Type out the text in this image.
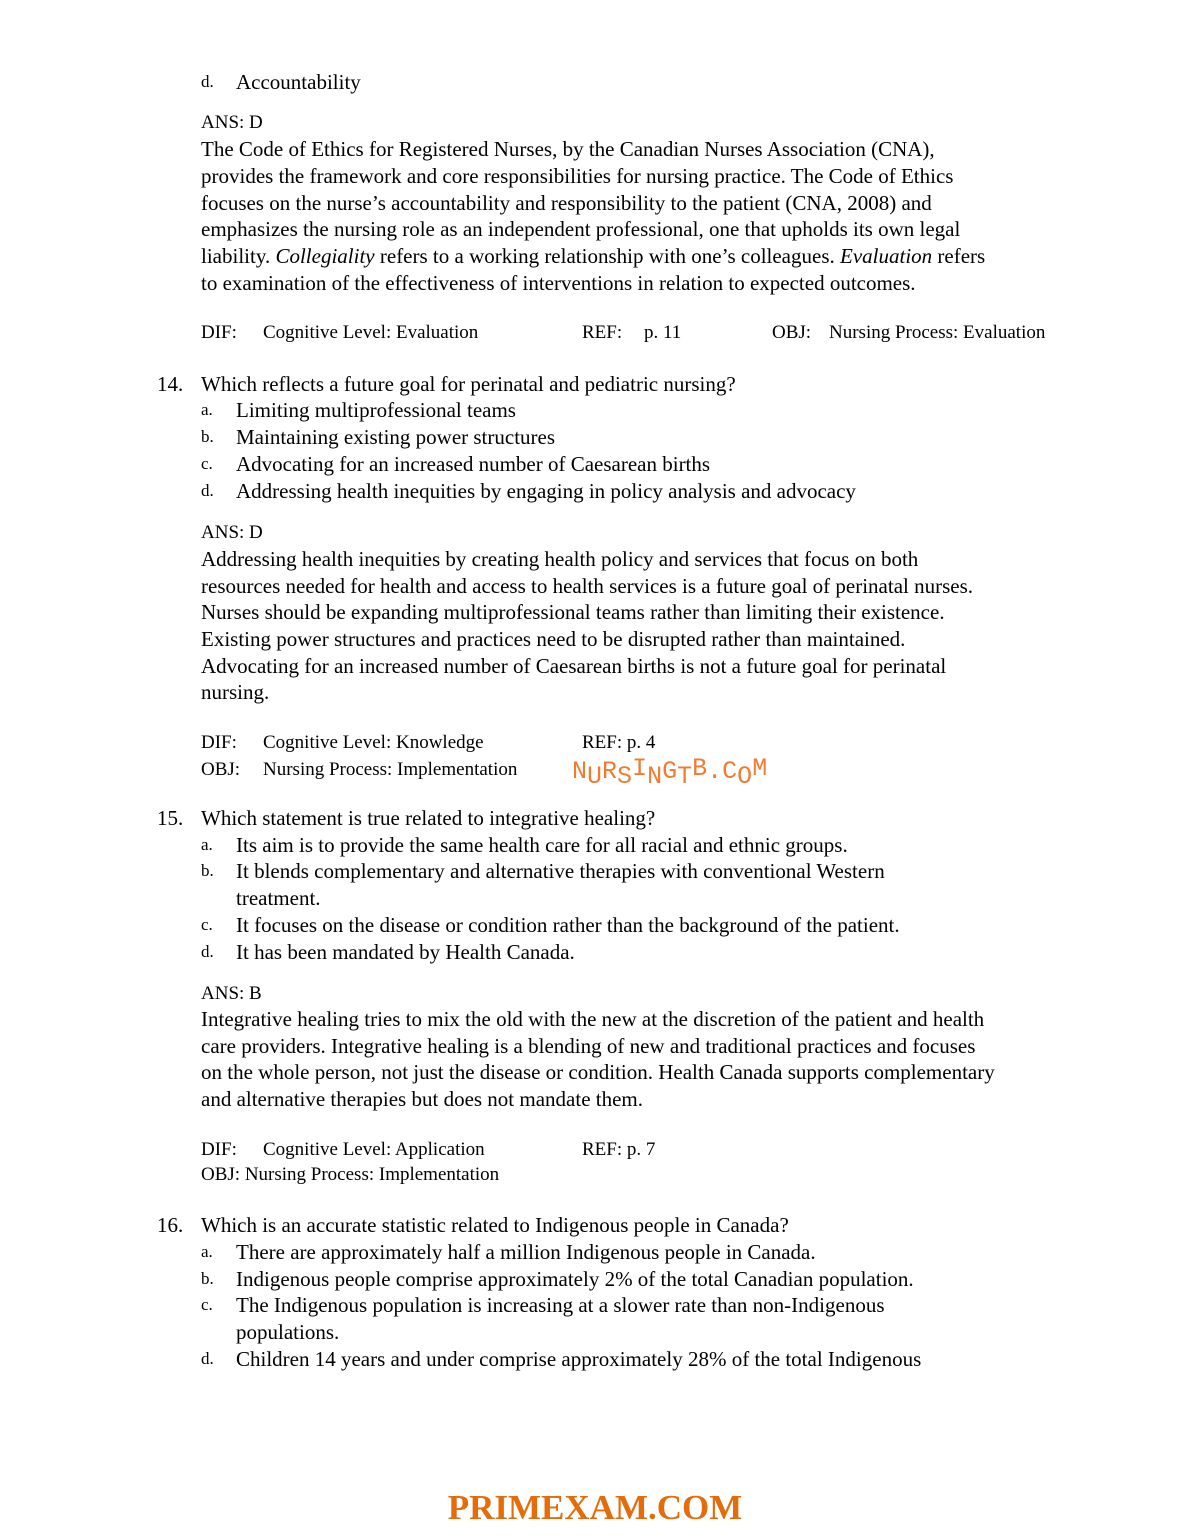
d. Accountability
ANS: D
The Code of Ethics for Registered Nurses, by the Canadian Nurses Association (CNA),
provides the framework and core responsibilities for nursing practice. The Code of Ethics
focuses on the nurse’s accountability and responsibility to the patient (CNA, 2008) and
emphasizes the nursing role as an independent professional, one that upholds its own legal
liability. Collegiality refers to a working relationship with one’s colleagues. Evaluation refers
to examination of the effectiveness of interventions in relation to expected outcomes.
DIF: Cognitive Level: Evaluation	REF: p. 11	OBJ: Nursing Process: Evaluation
14. Which reflects a future goal for perinatal and pediatric nursing?
a. Limiting multiprofessional teams
b. Maintaining existing power structures
c. Advocating for an increased number of Caesarean births
d. Addressing health inequities by engaging in policy analysis and advocacy
ANS: D
Addressing health inequities by creating health policy and services that focus on both
resources needed for health and access to health services is a future goal of perinatal nurses.
Nurses should be expanding multiprofessional teams rather than limiting their existence.
Existing power structures and practices need to be disrupted rather than maintained.
Advocating for an increased number of Caesarean births is not a future goal for perinatal
nursing.
DIF: Cognitive Level: Knowledge	REF: p. 4
OBJ: Nursing Process: Implementation NURSINGTB.COM
15. Which statement is true related to integrative healing?
a. Its aim is to provide the same health care for all racial and ethnic groups.
b. It blends complementary and alternative therapies with conventional Western
treatment.
c. It focuses on the disease or condition rather than the background of the patient.
d. It has been mandated by Health Canada.
ANS: B
Integrative healing tries to mix the old with the new at the discretion of the patient and health
care providers. Integrative healing is a blending of new and traditional practices and focuses
on the whole person, not just the disease or condition. Health Canada supports complementary
and alternative therapies but does not mandate them.
DIF: Cognitive Level: Application	REF: p. 7
OBJ: Nursing Process: Implementation
16. Which is an accurate statistic related to Indigenous people in Canada?
a. There are approximately half a million Indigenous people in Canada.
b. Indigenous people comprise approximately 2% of the total Canadian population.
c. The Indigenous population is increasing at a slower rate than non-Indigenous
populations.
d. Children 14 years and under comprise approximately 28% of the total Indigenous
PRIMEXAM.COM
